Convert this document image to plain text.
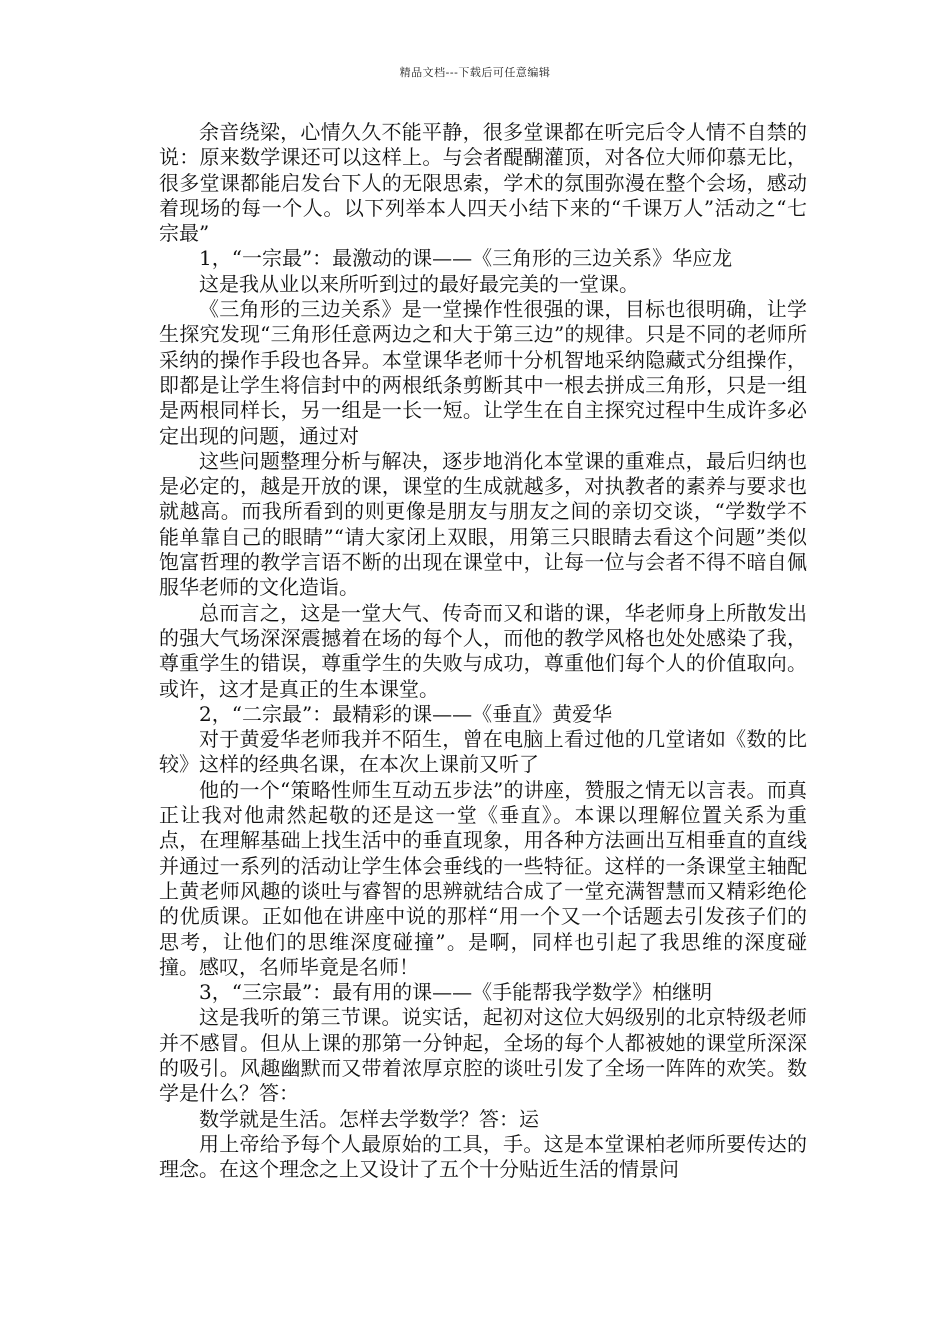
精品文档---下载后可任意编辑

余音绕梁，心情久久不能平静，很多堂课都在听完后令人情不自禁的说：原来数学课还可以这样上。与会者醍醐灌顶，对各位大师仰慕无比，很多堂课都能启发台下人的无限思索，学术的氛围弥漫在整个会场，感动着现场的每一个人。以下列举本人四天小结下来的“千课万人”活动之“七宗最”

1，“一宗最”：最激动的课——《三角形的三边关系》华应龙

这是我从业以来所听到过的最好最完美的一堂课。

《三角形的三边关系》是一堂操作性很强的课，目标也很明确，让学生探究发现“三角形任意两边之和大于第三边”的规律。只是不同的老师所采纳的操作手段也各异。本堂课华老师十分机智地采纳隐藏式分组操作，即都是让学生将信封中的两根纸条剪断其中一根去拼成三角形，只是一组是两根同样长，另一组是一长一短。让学生在自主探究过程中生成许多必定出现的问题，通过对

这些问题整理分析与解决，逐步地消化本堂课的重难点，最后归纳也是必定的，越是开放的课，课堂的生成就越多，对执教者的素养与要求也就越高。而我所看到的则更像是朋友与朋友之间的亲切交谈，“学数学不能单靠自己的眼睛”“请大家闭上双眼，用第三只眼睛去看这个问题”类似饱富哲理的教学言语不断的出现在课堂中，让每一位与会者不得不暗自佩服华老师的文化造诣。

总而言之，这是一堂大气、传奇而又和谐的课，华老师身上所散发出的强大气场深深震撼着在场的每个人，而他的教学风格也处处感染了我，尊重学生的错误，尊重学生的失败与成功，尊重他们每个人的价值取向。或许，这才是真正的生本课堂。

2，“二宗最”：最精彩的课——《垂直》黄爱华

对于黄爱华老师我并不陌生，曾在电脑上看过他的几堂诸如《数的比较》这样的经典名课，在本次上课前又听了

他的一个“策略性师生互动五步法”的讲座，赞服之情无以言表。而真正让我对他肃然起敬的还是这一堂《垂直》。本课以理解位置关系为重点，在理解基础上找生活中的垂直现象，用各种方法画出互相垂直的直线并通过一系列的活动让学生体会垂线的一些特征。这样的一条课堂主轴配上黄老师风趣的谈吐与睿智的思辨就结合成了一堂充满智慧而又精彩绝伦的优质课。正如他在讲座中说的那样“用一个又一个话题去引发孩子们的思考，让他们的思维深度碰撞”。是啊，同样也引起了我思维的深度碰撞。感叹，名师毕竟是名师！

3，“三宗最”：最有用的课——《手能帮我学数学》柏继明

这是我听的第三节课。说实话，起初对这位大妈级别的北京特级老师并不感冒。但从上课的那第一分钟起，全场的每个人都被她的课堂所深深的吸引。风趣幽默而又带着浓厚京腔的谈吐引发了全场一阵阵的欢笑。数学是什么？答：

数学就是生活。怎样去学数学？答：运

用上帝给予每个人最原始的工具，手。这是本堂课柏老师所要传达的理念。在这个理念之上又设计了五个十分贴近生活的情景问
